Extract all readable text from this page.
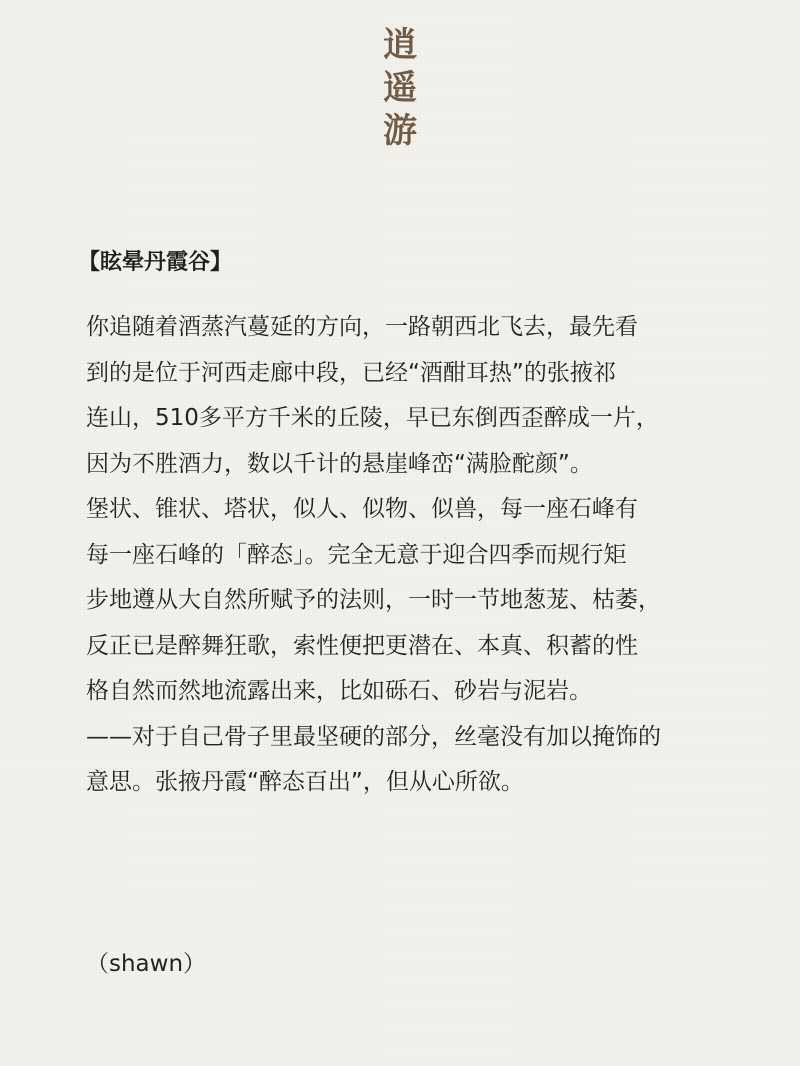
逍遥游
【眩晕丹霞谷】

你追随着酒蒸汽蔓延的方向，一路朝西北飞去，最先看

到的是位于河西走廊中段，已经“酒酣耳热”的张掖祁

连山，510多平方千米的丘陵，早已东倒西歪醉成一片，

因为不胜酒力，数以千计的悬崖峰峦“满脸酡颜”。

堡状、锥状、塔状，似人、似物、似兽，每一座石峰有

每一座石峰的「醉态」。完全无意于迎合四季而规行矩

步地遵从大自然所赋予的法则，一时一节地葱茏、枯萎，

反正已是醉舞狂歌，索性便把更潜在、本真、积蓄的性

格自然而然地流露出来，比如砾石、砂岩与泥岩。

——对于自己骨子里最坚硬的部分，丝毫没有加以掩饰的

意思。张掖丹霞“醉态百出”，但从心所欲。

（shawn）
